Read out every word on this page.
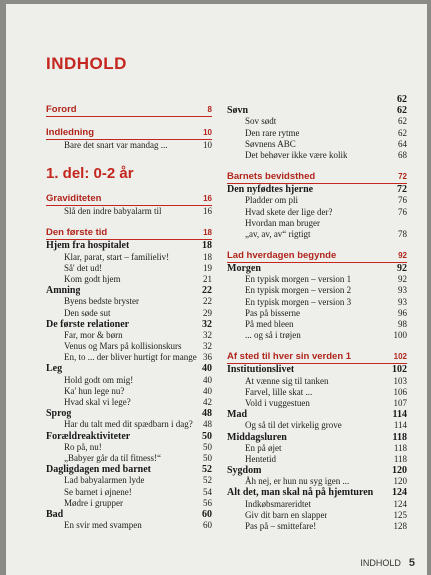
INDHOLD
Forord	8
Indledning	10
Bare det snart var mandag ...	10
1. del: 0-2 år
Graviditeten	16
Slå den indre babyalarm til	16
Den første tid	18
Hjem fra hospitalet	18
Klar, parat, start – familieliv!	18
Så' det ud!	19
Kom godt hjem	21
Amning	22
Byens bedste bryster	22
Den søde sut	29
De første relationer	32
Far, mor & børn	32
Venus og Mars på kollisionskurs 32
En, to ... der bliver hurtigt for mange 36
Leg	40
Hold godt om mig!	40
Ka' hun lege nu?	40
Hvad skal vi lege?	42
Sprog	48
Har du talt med dit spædbarn i dag? 48
Forældreaktiviteter	50
Ro på, nu!	50
„Babyer går da til fitness!“	50
Dagligdagen med barnet	52
Lad babyalarmen lyde	52
Se barnet i øjnene!	54
Mødre i grupper	56
Bad	60
En svir med svampen	60
62
Søvn	62
Sov sødt	62
Den rare rytme	62
Søvnens ABC	64
Det behøver ikke være kolik	68
Barnets bevidsthed	72
Den nyfødtes hjerne	72
Pladder om pli	76
Hvad skete der lige der?	76
Hvordan man bruger
„av, av, av“ rigtigt	78
Lad hverdagen begynde	92
Morgen	92
En typisk morgen – version 1	92
En typisk morgen – version 2	93
En typisk morgen – version 3	93
Pas på bisserne	96
På med bleen	98
... og så i trøjen	100
Af sted til hver sin verden 1	102
Institutionslivet	102
At vænne sig til tanken	103
Farvel, lille skat ...	106
Vold i vuggestuen	107
Mad	114
Og så til det virkelig grove	114
Middagsluren	118
En på øjet	118
Hentetid	118
Sygdom	120
Åh nej, er hun nu syg igen ...	120
Alt det, man skal nå på hjemturen 124
Indkøbsmareridtet	124
Giv dit barn en slapper	125
Pas på – smittefare!	128
INDHOLD 5
